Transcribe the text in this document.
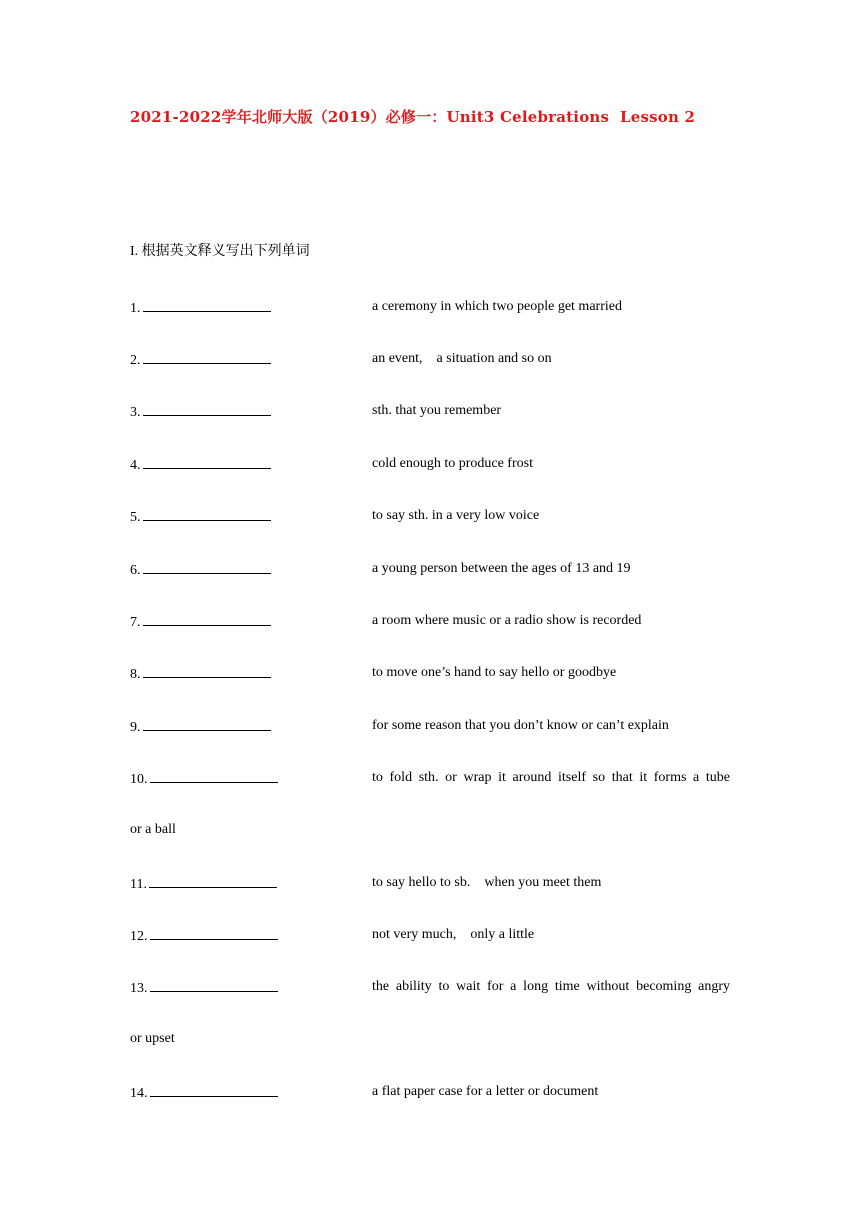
2021-2022学年北师大版（2019）必修一：Unit3 Celebrations  Lesson 2
I. 根据英文释义写出下列单词
1.	a ceremony in which two people get married
2.	an event,    a situation and so on
3.	sth. that you remember
4.	cold enough to produce frost
5.	to say sth. in a very low voice
6.	a young person between the ages of 13 and 19
7.	a room where music or a radio show is recorded
8.	to move one’s hand to say hello or goodbye
9.	for some reason that you don’t know or can’t explain
10.	to fold sth. or wrap it around itself so that it forms a tube
or a ball
11.	to say hello to sb.    when you meet them
12.	not very much,    only a little
13.	the ability to wait for a long time without becoming angry
or upset
14.	a flat paper case for a letter or document
